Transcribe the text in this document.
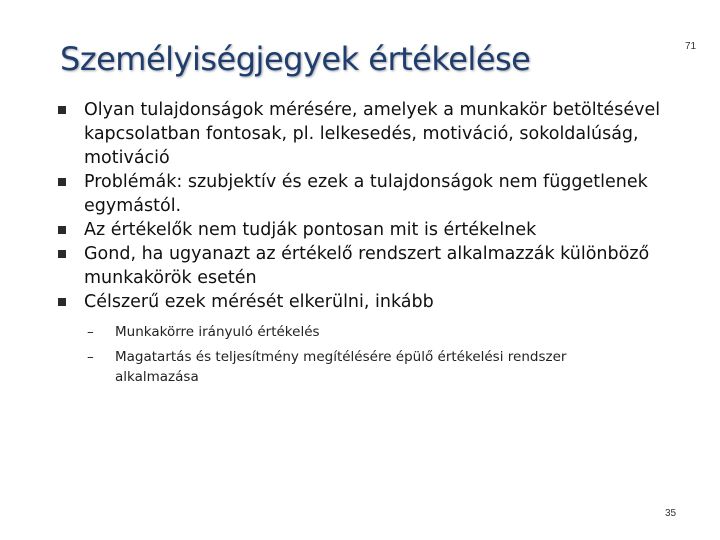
Személyiségjegyek értékelése	71
Olyan tulajdonságok mérésére, amelyek a munkakör betöltésével kapcsolatban fontosak, pl. lelkesedés, motiváció, sokoldalúság, motiváció
Problémák: szubjektív és ezek a tulajdonságok nem függetlenek egymástól.
Az értékelők nem tudják pontosan mit is értékelnek
Gond, ha ugyanazt az értékelő rendszert alkalmazzák különböző munkakörök esetén
Célszerű ezek mérését elkerülni, inkább
– Munkakörre irányuló értékelés
– Magatartás és teljesítmény megítélésére épülő értékelési rendszer alkalmazása
35
